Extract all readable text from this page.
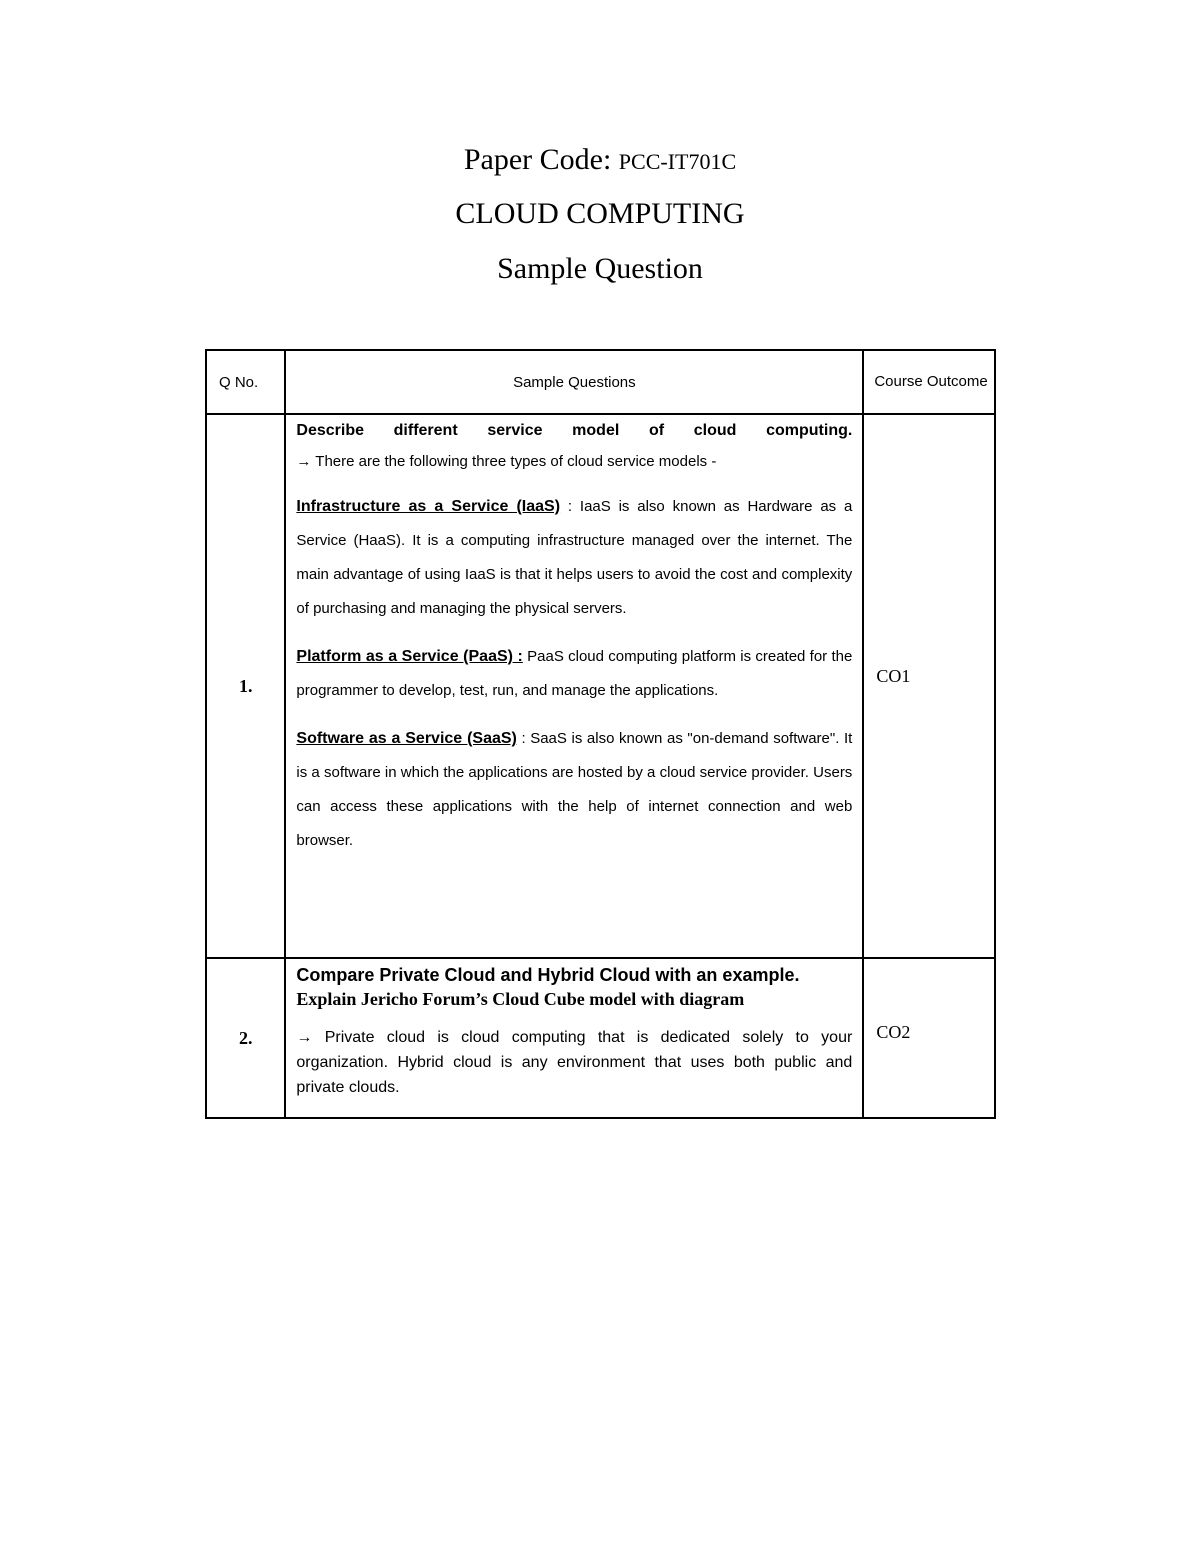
Paper Code: PCC-IT701C
CLOUD COMPUTING
Sample Question
Q No.	Sample Questions	Course Outcome
1.	Describe different service model of cloud computing.
→ There are the following three types of cloud service models -
Infrastructure as a Service (IaaS) : IaaS is also known as Hardware as a Service (HaaS). It is a computing infrastructure managed over the internet. The main advantage of using IaaS is that it helps users to avoid the cost and complexity of purchasing and managing the physical servers.
Platform as a Service (PaaS) : PaaS cloud computing platform is created for the programmer to develop, test, run, and manage the applications.
Software as a Service (SaaS) : SaaS is also known as "on-demand software". It is a software in which the applications are hosted by a cloud service provider. Users can access these applications with the help of internet connection and web browser.	CO1
2.	Compare Private Cloud and Hybrid Cloud with an example.
Explain Jericho Forum’s Cloud Cube model with diagram
→ Private cloud is cloud computing that is dedicated solely to your organization. Hybrid cloud is any environment that uses both public and private clouds.	CO2
